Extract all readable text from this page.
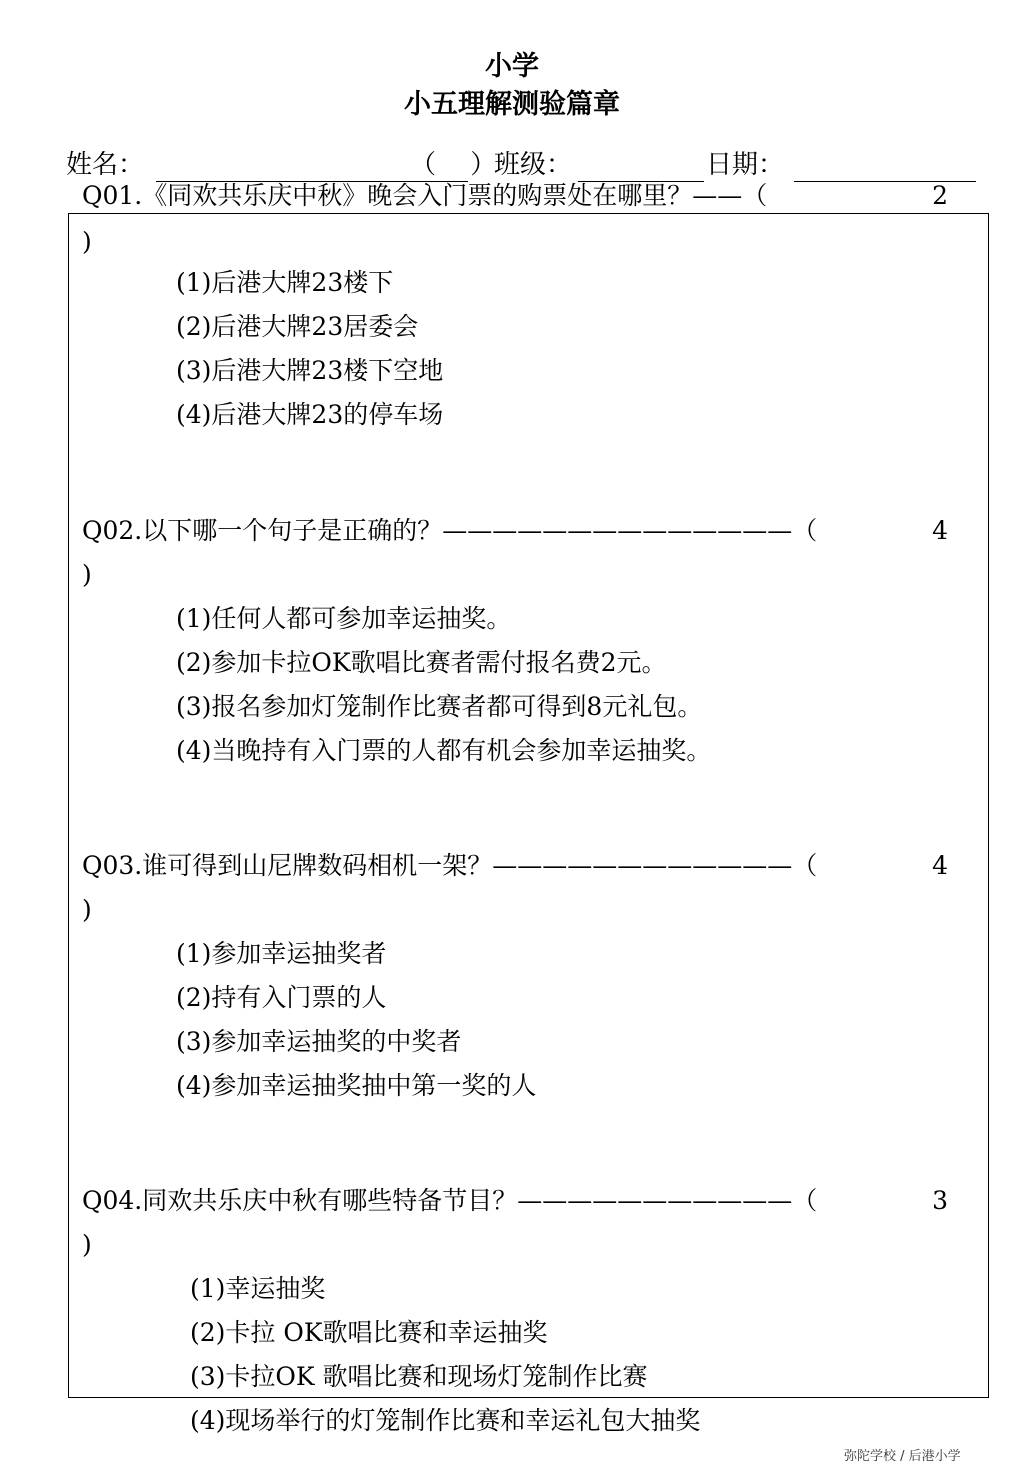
小学
小五理解测验篇章
姓名：	（　 ）
班级：	日期：
Q01.《同欢共乐庆中秋》晚会入门票的购票处在哪里？——（	2
)
(1)后港大牌23楼下
(2)后港大牌23居委会
(3)后港大牌23楼下空地
(4)后港大牌23的停车场
Q02.以下哪一个句子是正确的？——————————————（	4
)
(1)任何人都可参加幸运抽奖。
(2)参加卡拉OK歌唱比赛者需付报名费2元。
(3)报名参加灯笼制作比赛者都可得到8元礼包。
(4)当晚持有入门票的人都有机会参加幸运抽奖。
Q03.谁可得到山尼牌数码相机一架？————————————（	4
)
(1)参加幸运抽奖者
(2)持有入门票的人
(3)参加幸运抽奖的中奖者
(4)参加幸运抽奖抽中第一奖的人
Q04.同欢共乐庆中秋有哪些特备节目？———————————（	3
)
(1)幸运抽奖
(2)卡拉 OK歌唱比赛和幸运抽奖
(3)卡拉OK 歌唱比赛和现场灯笼制作比赛
(4)现场举行的灯笼制作比赛和幸运礼包大抽奖
弥陀学校 / 后港小学
